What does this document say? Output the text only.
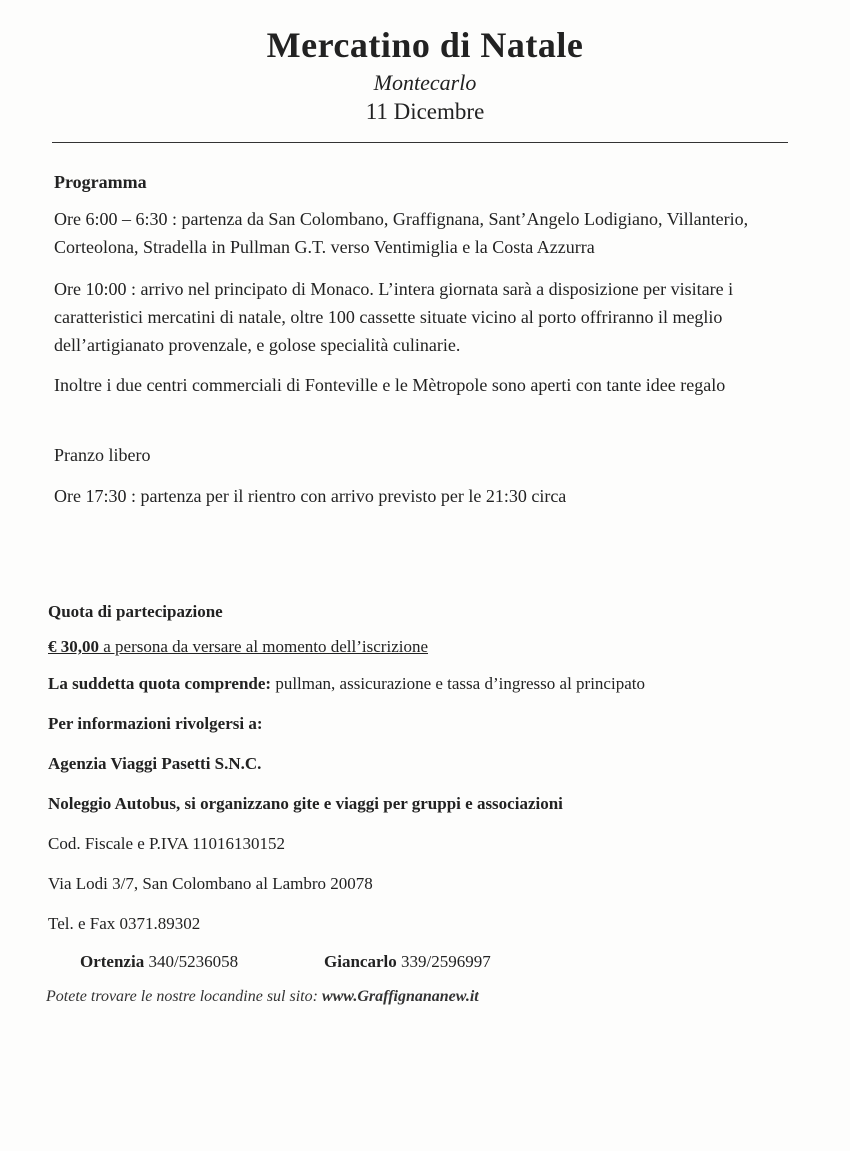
Mercatino di Natale
Montecarlo
11 Dicembre
Programma
Ore 6:00 – 6:30 : partenza da San Colombano, Graffignana, Sant’Angelo Lodigiano, Villanterio, Corteolona, Stradella in Pullman G.T. verso Ventimiglia e la Costa Azzurra
Ore 10:00 : arrivo nel principato di Monaco. L’intera giornata sarà a disposizione per visitare i caratteristici mercatini di natale, oltre 100 cassette situate vicino al porto offriranno il meglio dell’artigianato provenzale, e golose specialità culinarie.
Inoltre i due centri commerciali di Fonteville e le Mètropole sono aperti con tante idee regalo
Pranzo libero
Ore 17:30 : partenza per il rientro con arrivo previsto per le 21:30 circa
Quota di partecipazione
€ 30,00 a persona da versare al momento dell’iscrizione
La suddetta quota comprende: pullman, assicurazione e tassa d’ingresso al principato
Per informazioni rivolgersi a:
Agenzia Viaggi Pasetti S.N.C.
Noleggio Autobus, si organizzano gite e viaggi per gruppi e associazioni
Cod. Fiscale e P.IVA 11016130152
Via Lodi 3/7, San Colombano al Lambro 20078
Tel. e Fax 0371.89302
Ortenzia 340/5236058	Giancarlo 339/2596997
Potete trovare le nostre locandine sul sito: www.Graffignananew.it
